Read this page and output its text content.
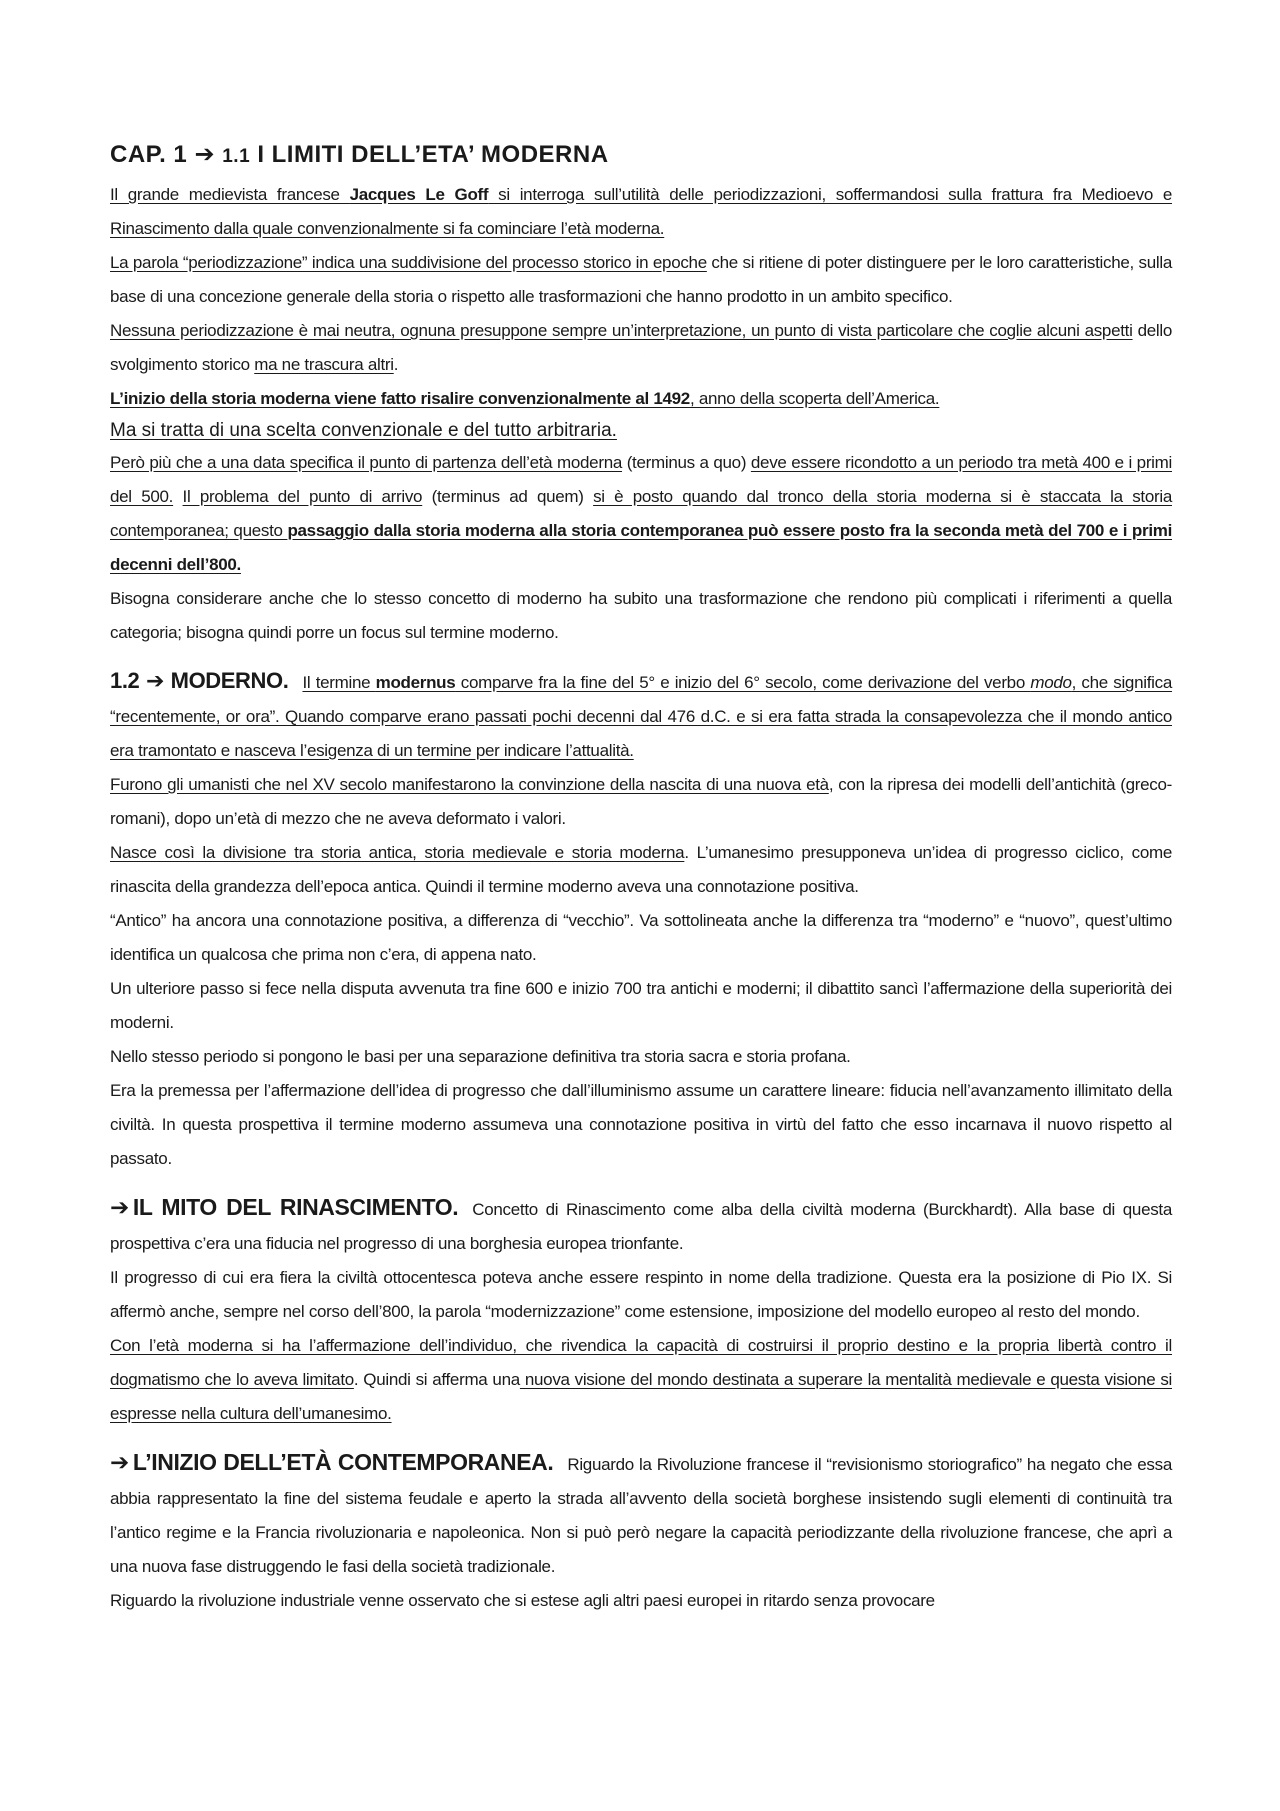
CAP. 1 ➔ 1.1 I LIMITI DELL’ETA’ MODERNA

Il grande medievista francese Jacques Le Goff si interroga sull’utilità delle periodizzazioni, soffermandosi sulla frattura fra Medioevo e Rinascimento dalla quale convenzionalmente si fa cominciare l’età moderna.

La parola “periodizzazione” indica una suddivisione del processo storico in epoche che si ritiene di poter distinguere per le loro caratteristiche, sulla base di una concezione generale della storia o rispetto alle trasformazioni che hanno prodotto in un ambito specifico.

Nessuna periodizzazione è mai neutra, ognuna presuppone sempre un’interpretazione, un punto di vista particolare che coglie alcuni aspetti dello svolgimento storico ma ne trascura altri.

L’inizio della storia moderna viene fatto risalire convenzionalmente al 1492, anno della scoperta dell’America.

Ma si tratta di una scelta convenzionale e del tutto arbitraria.

Però più che a una data specifica il punto di partenza dell’età moderna (terminus a quo) deve essere ricondotto a un periodo tra metà 400 e i primi del 500. Il problema del punto di arrivo (terminus ad quem) si è posto quando dal tronco della storia moderna si è staccata la storia contemporanea; questo passaggio dalla storia moderna alla storia contemporanea può essere posto fra la seconda metà del 700 e i primi decenni dell’800.

Bisogna considerare anche che lo stesso concetto di moderno ha subito una trasformazione che rendono più complicati i riferimenti a quella categoria; bisogna quindi porre un focus sul termine moderno.

1.2 ➔ MODERNO. Il termine modernus comparve fra la fine del 5° e inizio del 6° secolo, come derivazione del verbo modo, che significa “recentemente, or ora”. Quando comparve erano passati pochi decenni dal 476 d.C. e si era fatta strada la consapevolezza che il mondo antico era tramontato e nasceva l’esigenza di un termine per indicare l’attualità.

Furono gli umanisti che nel XV secolo manifestarono la convinzione della nascita di una nuova età, con la ripresa dei modelli dell’antichità (greco-romani), dopo un’età di mezzo che ne aveva deformato i valori.

Nasce così la divisione tra storia antica, storia medievale e storia moderna. L’umanesimo presupponeva un’idea di progresso ciclico, come rinascita della grandezza dell’epoca antica. Quindi il termine moderno aveva una connotazione positiva.

“Antico” ha ancora una connotazione positiva, a differenza di “vecchio”. Va sottolineata anche la differenza tra “moderno” e “nuovo”, quest’ultimo identifica un qualcosa che prima non c’era, di appena nato.

Un ulteriore passo si fece nella disputa avvenuta tra fine 600 e inizio 700 tra antichi e moderni; il dibattito sancì l’affermazione della superiorità dei moderni.

Nello stesso periodo si pongono le basi per una separazione definitiva tra storia sacra e storia profana.

Era la premessa per l’affermazione dell’idea di progresso che dall’illuminismo assume un carattere lineare: fiducia nell’avanzamento illimitato della civiltà. In questa prospettiva il termine moderno assumeva una connotazione positiva in virtù del fatto che esso incarnava il nuovo rispetto al passato.

➔ IL MITO DEL RINASCIMENTO. Concetto di Rinascimento come alba della civiltà moderna (Burckhardt). Alla base di questa prospettiva c’era una fiducia nel progresso di una borghesia europea trionfante.

Il progresso di cui era fiera la civiltà ottocentesca poteva anche essere respinto in nome della tradizione. Questa era la posizione di Pio IX. Si affermò anche, sempre nel corso dell’800, la parola “modernizzazione” come estensione, imposizione del modello europeo al resto del mondo.

Con l’età moderna si ha l’affermazione dell’individuo, che rivendica la capacità di costruirsi il proprio destino e la propria libertà contro il dogmatismo che lo aveva limitato. Quindi si afferma una nuova visione del mondo destinata a superare la mentalità medievale e questa visione si espresse nella cultura dell’umanesimo.

➔ L’INIZIO DELL’ETÀ CONTEMPORANEA. Riguardo la Rivoluzione francese il “revisionismo storiografico” ha negato che essa abbia rappresentato la fine del sistema feudale e aperto la strada all’avvento della società borghese insistendo sugli elementi di continuità tra l’antico regime e la Francia rivoluzionaria e napoleonica. Non si può però negare la capacità periodizzante della rivoluzione francese, che aprì a una nuova fase distruggendo le fasi della società tradizionale.

Riguardo la rivoluzione industriale venne osservato che si estese agli altri paesi europei in ritardo senza provocare
